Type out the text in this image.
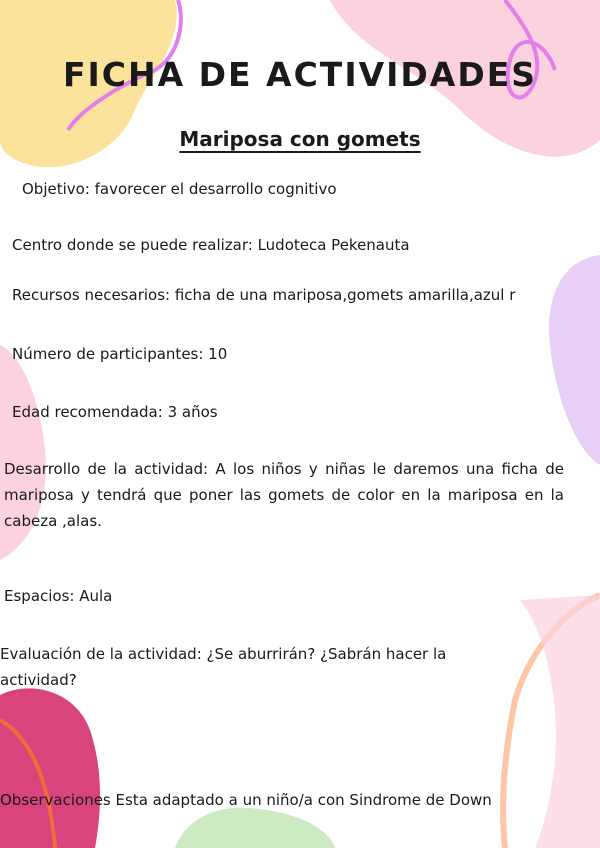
FICHA DE ACTIVIDADES
Mariposa con gomets

Objetivo: favorecer el desarrollo cognitivo

Centro donde se puede realizar: Ludoteca Pekenauta

Recursos necesarios: ficha de una mariposa,gomets amarilla,azul r

Número de participantes: 10

Edad recomendada: 3 años

Desarrollo de la actividad: A los niños y niñas le daremos una ficha de mariposa y tendrá que poner las gomets de color en la mariposa en la cabeza ,alas.

Espacios: Aula

Evaluación de la actividad: ¿Se aburrirán? ¿Sabrán hacer la actividad?

Observaciones Esta adaptado a un niño/a con Sindrome de Down
